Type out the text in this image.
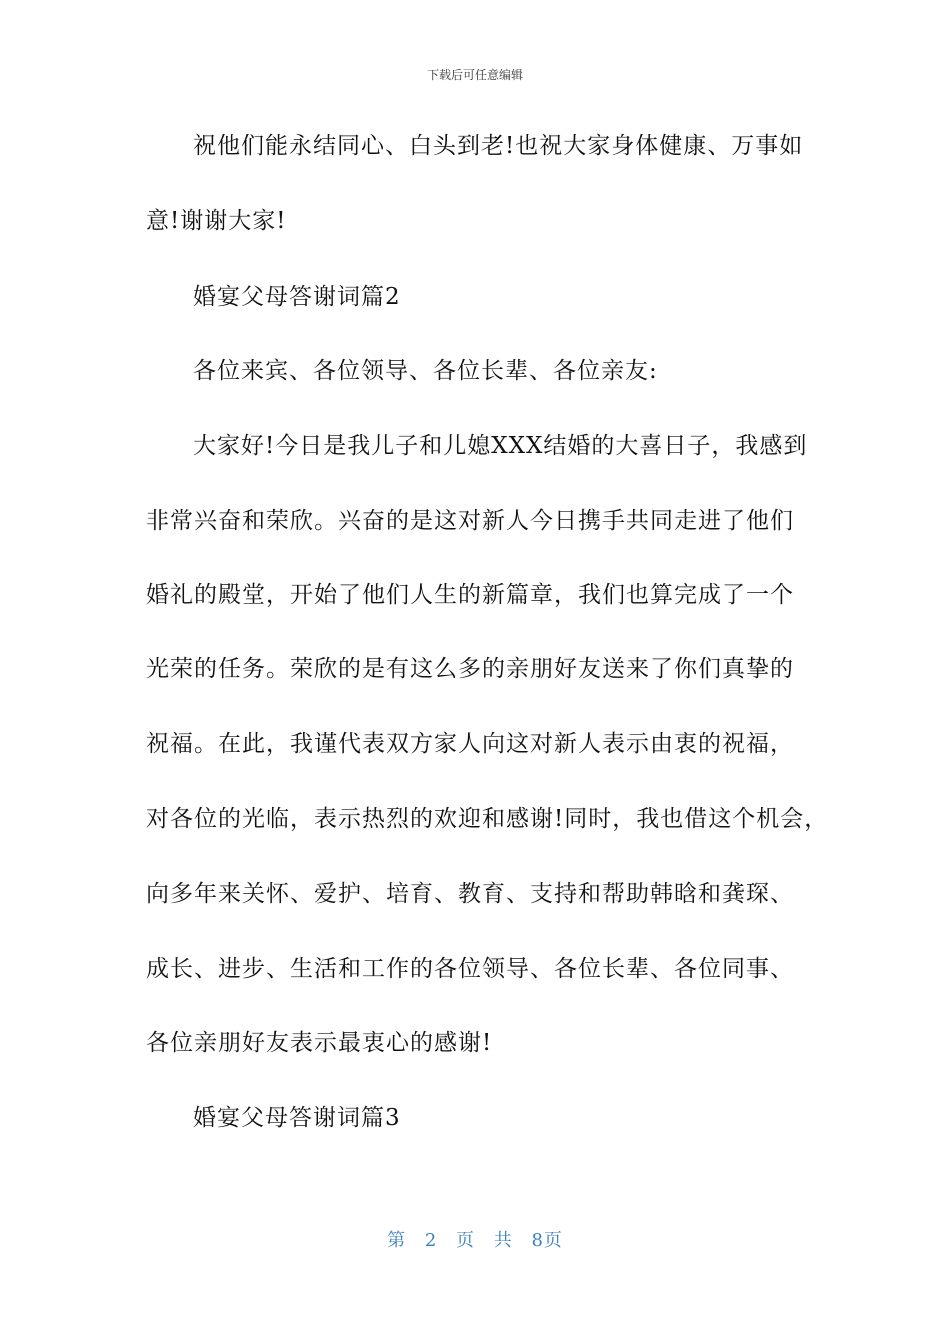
下载后可任意编辑
祝他们能永结同心、白头到老!也祝大家身体健康、万事如
意!谢谢大家!
婚宴父母答谢词篇2
各位来宾、各位领导、各位长辈、各位亲友:
大家好!今日是我儿子和儿媳XXX结婚的大喜日子，我感到
非常兴奋和荣欣。兴奋的是这对新人今日携手共同走进了他们
婚礼的殿堂，开始了他们人生的新篇章，我们也算完成了一个
光荣的任务。荣欣的是有这么多的亲朋好友送来了你们真挚的
祝福。在此，我谨代表双方家人向这对新人表示由衷的祝福，
对各位的光临，表示热烈的欢迎和感谢!同时，我也借这个机会，
向多年来关怀、爱护、培育、教育、支持和帮助韩晗和龚琛、
成长、进步、生活和工作的各位领导、各位长辈、各位同事、
各位亲朋好友表示最衷心的感谢!
婚宴父母答谢词篇3
第 2 页 共 8页
